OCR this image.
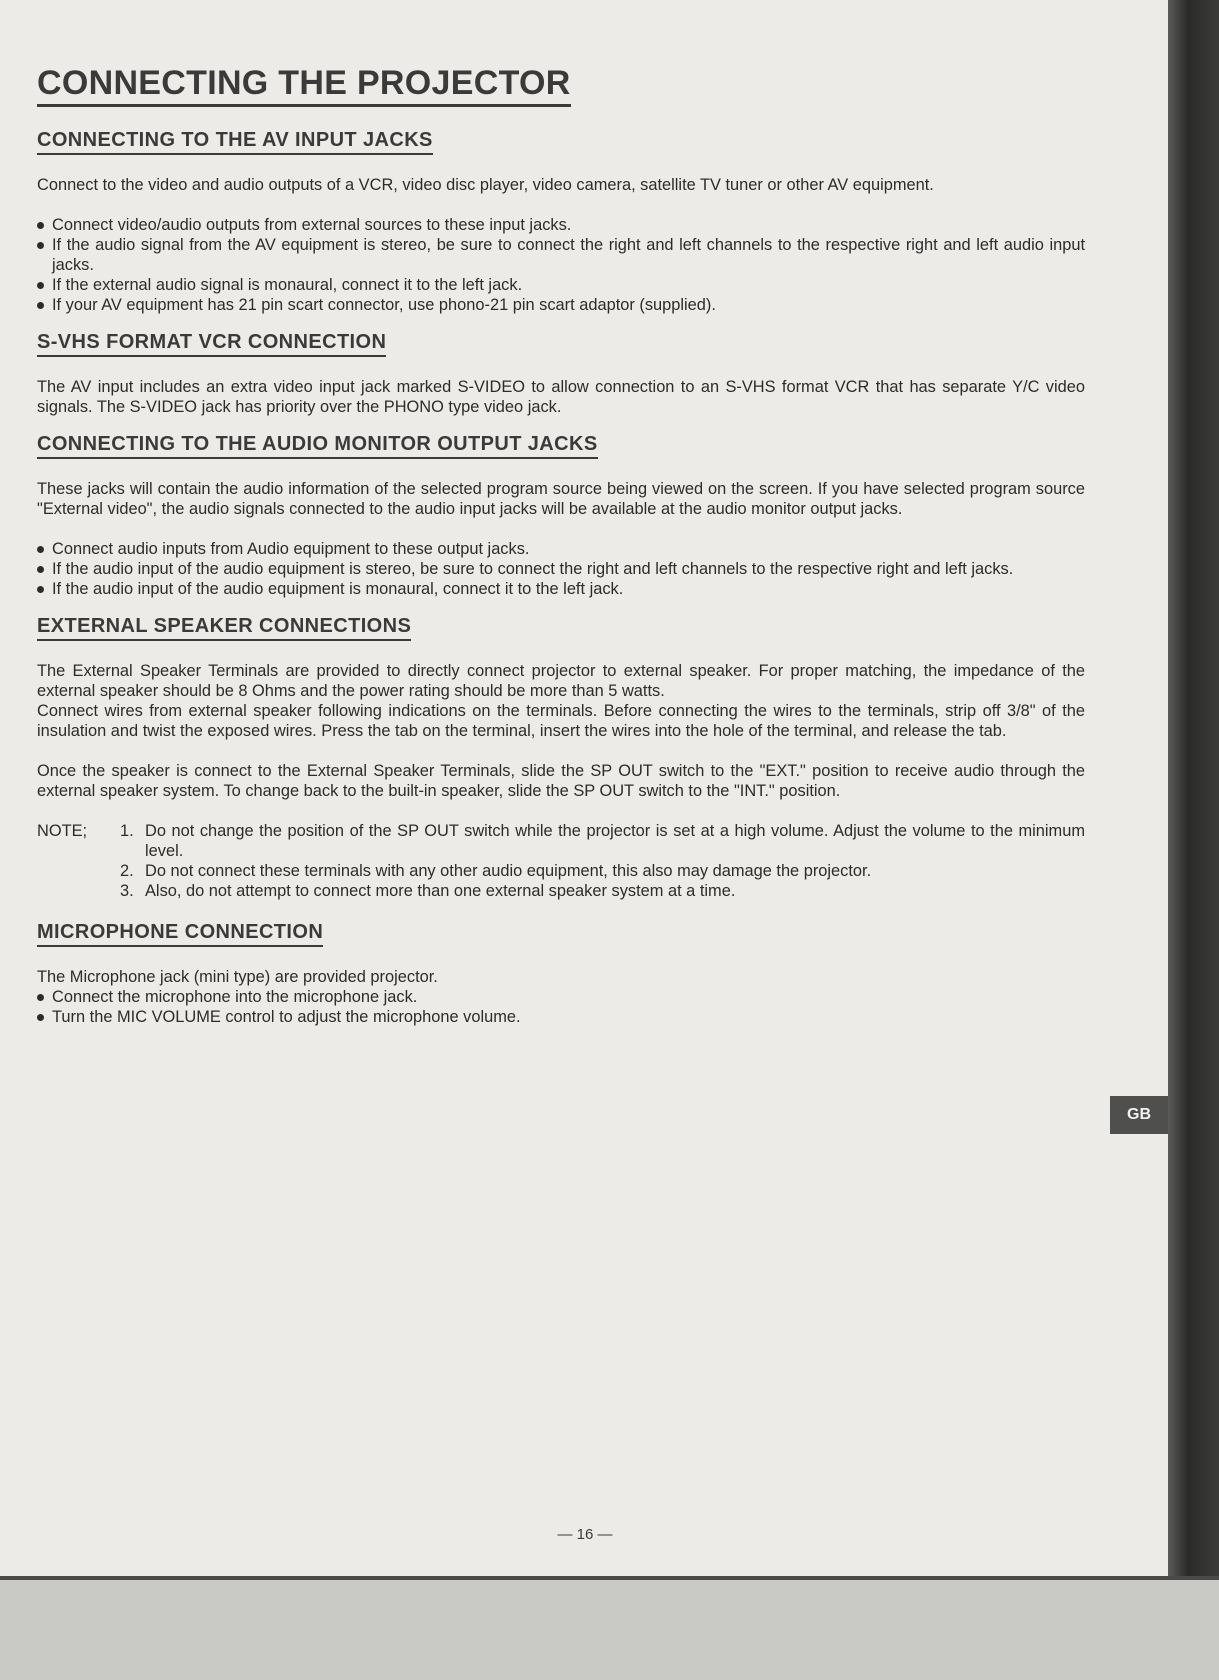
CONNECTING THE PROJECTOR
CONNECTING TO THE AV INPUT JACKS

Connect to the video and audio outputs of a VCR, video disc player, video camera, satellite TV tuner or other AV equipment.

Connect video/audio outputs from external sources to these input jacks.
If the audio signal from the AV equipment is stereo, be sure to connect the right and left channels to the respective right and left audio input jacks.
If the external audio signal is monaural, connect it to the left jack.
If your AV equipment has 21 pin scart connector, use phono-21 pin scart adaptor (supplied).
S-VHS FORMAT VCR CONNECTION

The AV input includes an extra video input jack marked S-VIDEO to allow connection to an S-VHS format VCR that has separate Y/C video signals. The S-VIDEO jack has priority over the PHONO type video jack.

CONNECTING TO THE AUDIO MONITOR OUTPUT JACKS

These jacks will contain the audio information of the selected program source being viewed on the screen. If you have selected program source "External video", the audio signals connected to the audio input jacks will be available at the audio monitor output jacks.

Connect audio inputs from Audio equipment to these output jacks.
If the audio input of the audio equipment is stereo, be sure to connect the right and left channels to the respective right and left jacks.
If the audio input of the audio equipment is monaural, connect it to the left jack.
EXTERNAL SPEAKER CONNECTIONS

The External Speaker Terminals are provided to directly connect projector to external speaker. For proper matching, the impedance of the external speaker should be 8 Ohms and the power rating should be more than 5 watts.

Connect wires from external speaker following indications on the terminals. Before connecting the wires to the terminals, strip off 3/8" of the insulation and twist the exposed wires. Press the tab on the terminal, insert the wires into the hole of the terminal, and release the tab.

Once the speaker is connect to the External Speaker Terminals, slide the SP OUT switch to the "EXT." position to receive audio through the external speaker system. To change back to the built-in speaker, slide the SP OUT switch to the "INT." position.

NOTE;	1. Do not change the position of the SP OUT switch while the projector is set at a high volume. Adjust the volume to the minimum level.
2. Do not connect these terminals with any other audio equipment, this also may damage the projector.
3. Also, do not attempt to connect more than one external speaker system at a time.
MICROPHONE CONNECTION

The Microphone jack (mini type) are provided projector.

Connect the microphone into the microphone jack.
Turn the MIC VOLUME control to adjust the microphone volume.
— 16 —
GB
